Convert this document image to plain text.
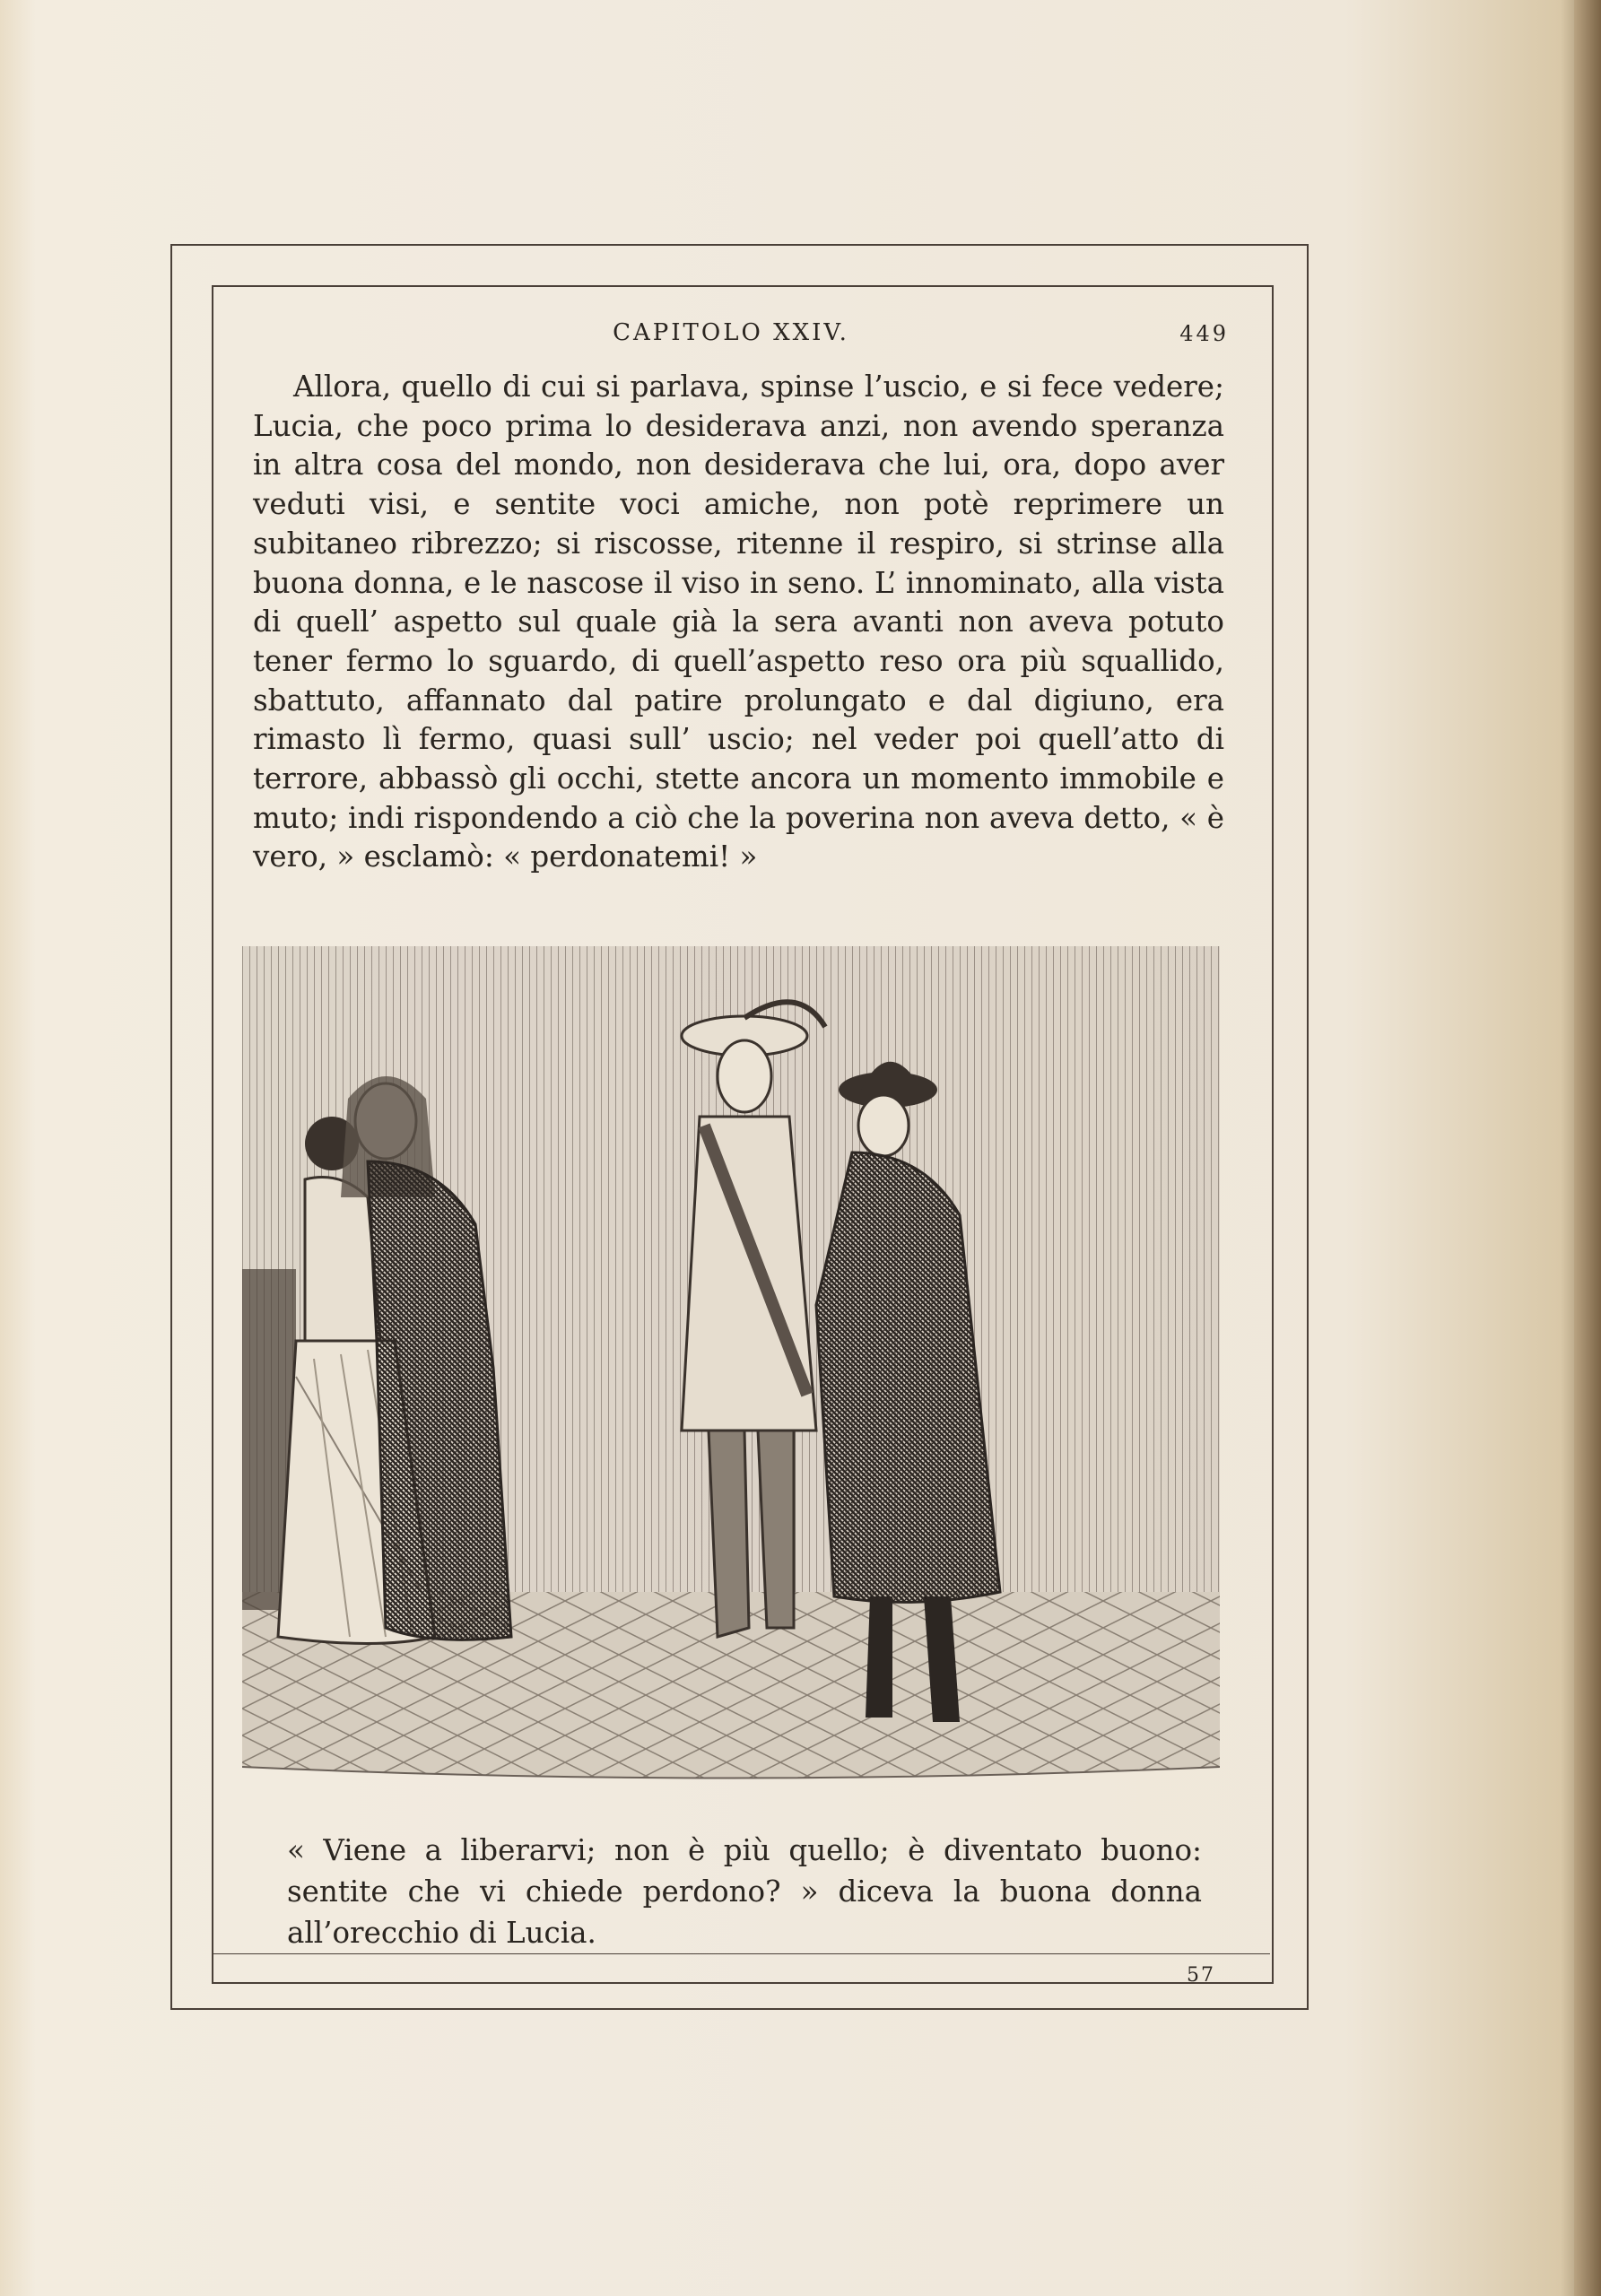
CAPITOLO XXIV.	449
Allora, quello di cui si parlava, spinse l’uscio, e si fece vedere; Lucia, che poco prima lo desiderava anzi, non avendo speranza in altra cosa del mondo, non desiderava che lui, ora, dopo aver veduti visi, e sentite voci amiche, non potè reprimere un subitaneo ribrezzo; si riscosse, ritenne il respiro, si strinse alla buona donna, e le nascose il viso in seno. L’ innominato, alla vista di quell’ aspetto sul quale già la sera avanti non aveva potuto tener fermo lo sguardo, di quell’aspetto reso ora più squallido, sbattuto, affannato dal patire prolungato e dal digiuno, era rimasto lì fermo, quasi sull’ uscio; nel veder poi quell’atto di terrore, abbassò gli occhi, stette ancora un momento immobile e muto; indi rispondendo a ciò che la poverina non aveva detto, « è vero, » esclamò: « perdonatemi! »
« Viene a liberarvi; non è più quello; è diventato buono: sentite che vi chiede perdono? » diceva la buona donna all’orecchio di Lucia.
57
